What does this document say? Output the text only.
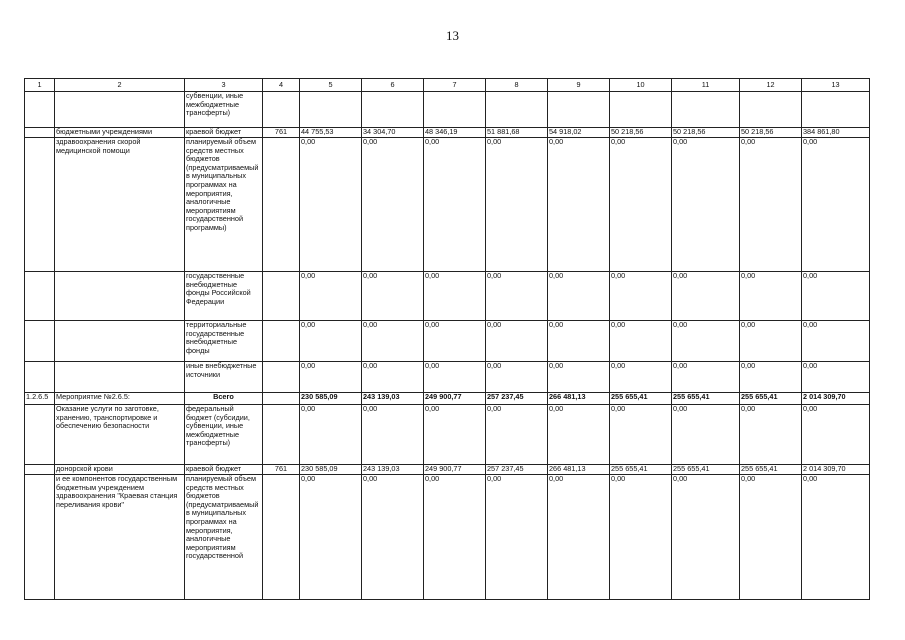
13
1	2	3	4	5	6	7	8	9	10	11	12	13
		субвенции, иные межбюджетные трансферты)										
	бюджетными учреждениями	краевой бюджет	761	44 755,53	34 304,70	48 346,19	51 881,68	54 918,02	50 218,56	50 218,56	50 218,56	384 861,80
	здравоохранения скорой медицинской помощи	планируемый объем средств местных бюджетов (предусматриваемый в муниципальных программах на мероприятия, аналогичные мероприятиям государственной программы)		0,00	0,00	0,00	0,00	0,00	0,00	0,00	0,00	0,00
		государственные внебюджетные фонды Российской Федерации		0,00	0,00	0,00	0,00	0,00	0,00	0,00	0,00	0,00
		территориальные государственные внебюджетные фонды		0,00	0,00	0,00	0,00	0,00	0,00	0,00	0,00	0,00
		иные внебюджетные источники		0,00	0,00	0,00	0,00	0,00	0,00	0,00	0,00	0,00
1.2.6.5	Мероприятие №2.6.5:	Всего		230 585,09	243 139,03	249 900,77	257 237,45	266 481,13	255 655,41	255 655,41	255 655,41	2 014 309,70
	Оказание услуги по заготовке, хранению, транспортировке и обеспечению безопасности	федеральный бюджет (субсидии, субвенции, иные межбюджетные трансферты)		0,00	0,00	0,00	0,00	0,00	0,00	0,00	0,00	0,00
	донорской крови	краевой бюджет	761	230 585,09	243 139,03	249 900,77	257 237,45	266 481,13	255 655,41	255 655,41	255 655,41	2 014 309,70
	и ее компонентов государственным бюджетным учреждением здравоохранения "Краевая станция переливания крови"	планируемый объем средств местных бюджетов (предусматриваемый в муниципальных программах на мероприятия, аналогичные мероприятиям государственной		0,00	0,00	0,00	0,00	0,00	0,00	0,00	0,00	0,00
